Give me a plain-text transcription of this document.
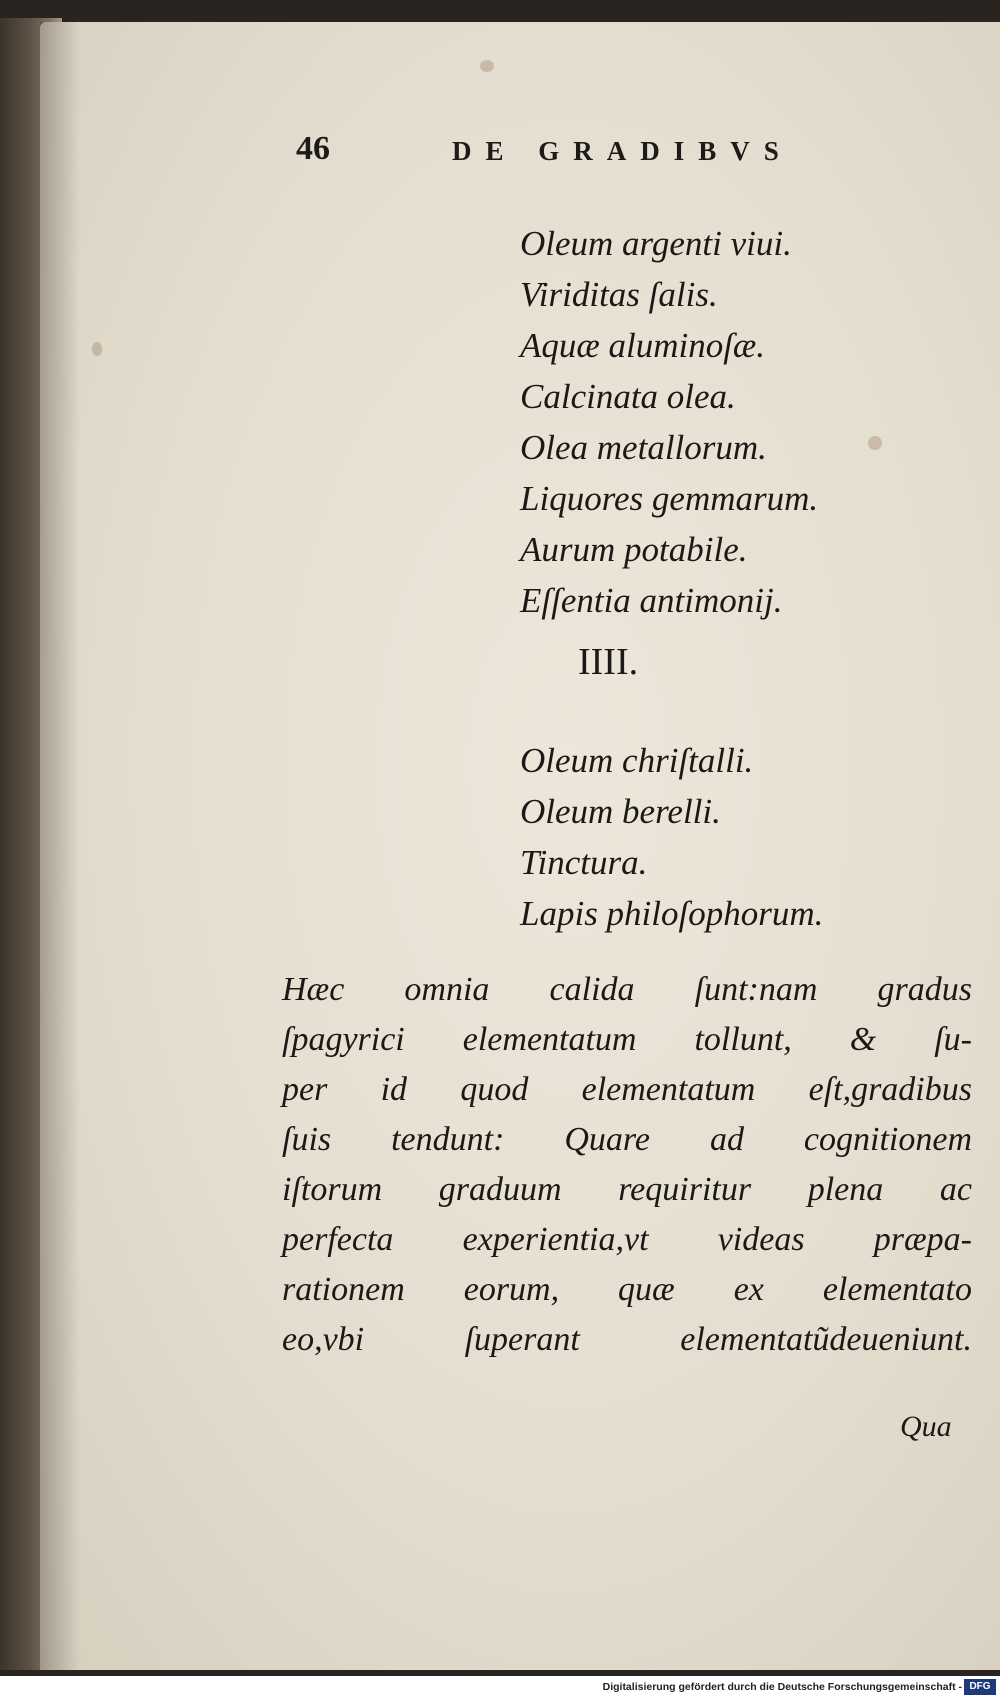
46	DE GRADIBVS
Oleum argenti viui.
Viriditas ſalis.
Aquæ aluminoſæ.
Calcinata olea.
Olea metallorum.
Liquores gemmarum.
Aurum potabile.
Eſſentia antimonij.
IIII.
Oleum chriſtalli.
Oleum berelli.
Tinctura.
Lapis philoſophorum.
Hæc omnia calida ſunt:nam gradus
ſpagyrici elementatum tollunt, & ſu-
per id quod elementatum eſt,gradibus
ſuis tendunt: Quare ad cognitionem
iſtorum graduum requiritur plena ac
perfecta experientia,vt videas præpa-
rationem eorum, quæ ex elementato
eo,vbi ſuperant elementatũdeueniunt.
Qua
Digitalisierung gefördert durch die Deutsche Forschungsgemeinschaft - DFG
